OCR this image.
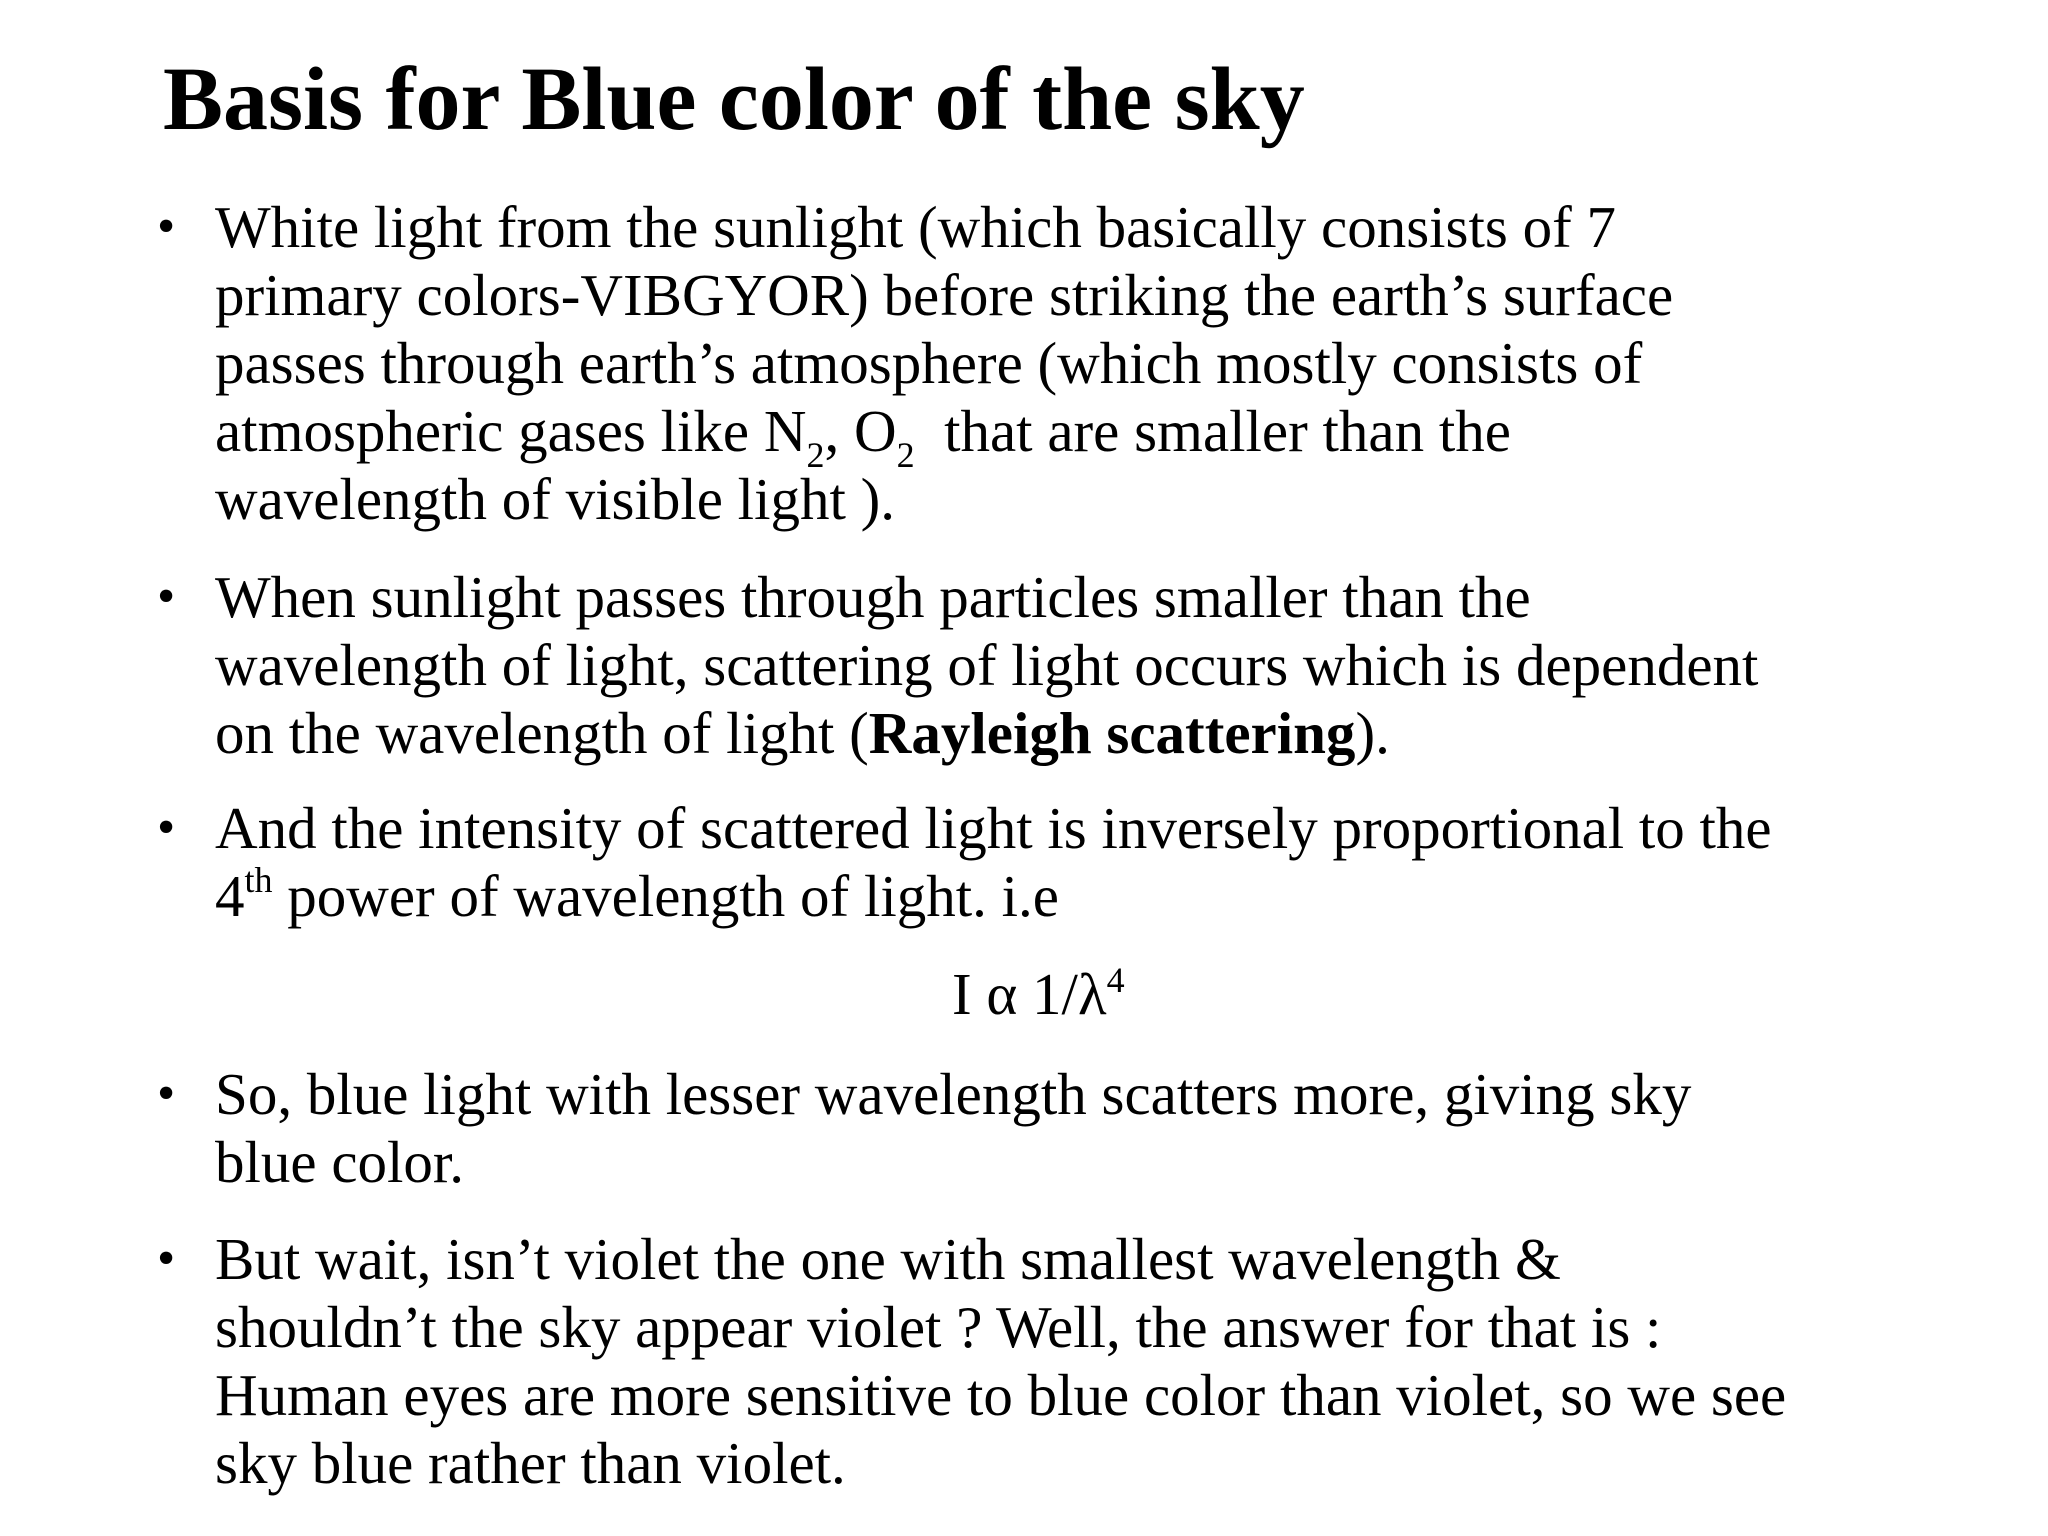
Basis for Blue color of the sky
• White light from the sunlight (which basically consists of 7
primary colors-VIBGYOR) before striking the earth’s surface
passes through earth’s atmosphere (which mostly consists of
atmospheric gases like $N_2$, $O_2$  that are smaller than the
wavelength of visible light ).
• When sunlight passes through particles smaller than the
wavelength of light, scattering of light occurs which is dependent
on the wavelength of light (Rayleigh scattering).
• And the intensity of scattered light is inversely proportional to the
4th power of wavelength of light. i.e
• So, blue light with lesser wavelength scatters more, giving sky
blue color.
• But wait, isn’t violet the one with smallest wavelength &
shouldn’t the sky appear violet ? Well, the answer for that is :
Human eyes are more sensitive to blue color than violet, so we see
sky blue rather than violet.
I α $1/\lambda^4$
